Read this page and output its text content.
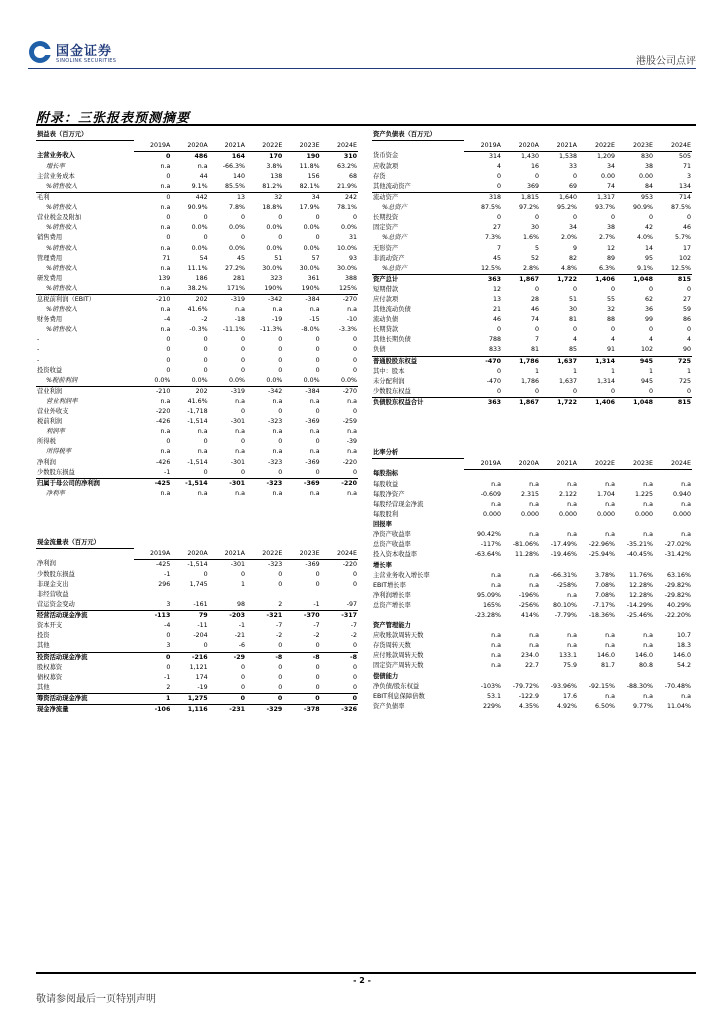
国金证券
SINOLINK SECURITIES	港股公司点评
附录：三张报表预测摘要
损益表（百万元）						
	2019A	2020A	2021A	2022E	2023E	2024E
主营业务收入	0	486	164	170	190	310
增长率	n.a	n.a	-66.3%	3.8%	11.8%	63.2%
主营业务成本	0	44	140	138	156	68
%销售收入	n.a	9.1%	85.5%	81.2%	82.1%	21.9%
毛利	0	442	13	32	34	242
%销售收入	n.a	90.9%	7.8%	18.8%	17.9%	78.1%
营业税金及附加	0	0	0	0	0	0
%销售收入	n.a	0.0%	0.0%	0.0%	0.0%	0.0%
销售费用	0	0	0	0	0	31
%销售收入	n.a	0.0%	0.0%	0.0%	0.0%	10.0%
管理费用	71	54	45	51	57	93
%销售收入	n.a	11.1%	27.2%	30.0%	30.0%	30.0%
研发费用	139	186	281	323	361	388
%销售收入	n.a	38.2%	171%	190%	190%	125%
息税前利润（EBIT）	-210	202	-319	-342	-384	-270
%销售收入	n.a	41.6%	n.a	n.a	n.a	n.a
财务费用	-4	-2	-18	-19	-15	-10
%销售收入	n.a	-0.3%	-11.1%	-11.3%	-8.0%	-3.3%
-	0	0	0	0	0	0
-	0	0	0	0	0	0
-	0	0	0	0	0	0
投资收益	0	0	0	0	0	0
%税前利润	0.0%	0.0%	0.0%	0.0%	0.0%	0.0%
营业利润	-210	202	-319	-342	-384	-270
营业利润率	n.a	41.6%	n.a	n.a	n.a	n.a
营业外收支	-220	-1,718	0	0	0	0
税前利润	-426	-1,514	-301	-323	-369	-259
利润率	n.a	n.a	n.a	n.a	n.a	n.a
所得税	0	0	0	0	0	-39
所得税率	n.a	n.a	n.a	n.a	n.a	n.a
净利润	-426	-1,514	-301	-323	-369	-220
少数股东损益	-1	0	0	0	0	0
归属于母公司的净利润	-425	-1,514	-301	-323	-369	-220
净利率	n.a	n.a	n.a	n.a	n.a	n.a
现金流量表（百万元）						
	2019A	2020A	2021A	2022E	2023E	2024E
净利润	-425	-1,514	-301	-323	-369	-220
少数股东损益	-1	0	0	0	0	0
非现金支出	296	1,745	1	0	0	0
非经营收益						
营运资金变动	3	-161	98	2	-1	-97
经营活动现金净流	-113	79	-203	-321	-370	-317
资本开支	-4	-11	-1	-7	-7	-7
投资	0	-204	-21	-2	-2	-2
其他	3	0	-6	0	0	0
投资活动现金净流	0	-216	-29	-8	-8	-8
股权募资	0	1,121	0	0	0	0
债权募资	-1	174	0	0	0	0
其他	2	-19	0	0	0	0
筹资活动现金净流	1	1,275	0	0	0	0
现金净流量	-106	1,116	-231	-329	-378	-326
资产负债表（百万元）						
	2019A	2020A	2021A	2022E	2023E	2024E
货币资金	314	1,430	1,538	1,209	830	505
应收款项	4	16	33	34	38	71
存货	0	0	0	0.00	0.00	3
其他流动资产	0	369	69	74	84	134
流动资产	318	1,815	1,640	1,317	953	714
%总资产	87.5%	97.2%	95.2%	93.7%	90.9%	87.5%
长期投资	0	0	0	0	0	0
固定资产	27	30	34	38	42	46
%总资产	7.3%	1.6%	2.0%	2.7%	4.0%	5.7%
无形资产	7	5	9	12	14	17
非流动资产	45	52	82	89	95	102
%总资产	12.5%	2.8%	4.8%	6.3%	9.1%	12.5%
资产总计	363	1,867	1,722	1,406	1,048	815
短期借款	12	0	0	0	0	0
应付款项	13	28	51	55	62	27
其他流动负债	21	46	30	32	36	59
流动负债	46	74	81	88	99	86
长期贷款	0	0	0	0	0	0
其他长期负债	788	7	4	4	4	4
负债	833	81	85	91	102	90
普通股股东权益	-470	1,786	1,637	1,314	945	725
其中：股本	0	1	1	1	1	1
未分配利润	-470	1,786	1,637	1,314	945	725
少数股东权益	0	0	0	0	0	0
负债股东权益合计	363	1,867	1,722	1,406	1,048	815
比率分析						
	2019A	2020A	2021A	2022E	2023E	2024E
每股指标						
每股收益	n.a	n.a	n.a	n.a	n.a	n.a
每股净资产	-0.609	2.315	2.122	1.704	1.225	0.940
每股经营现金净流	n.a	n.a	n.a	n.a	n.a	n.a
每股股利	0.000	0.000	0.000	0.000	0.000	0.000
回报率						
净资产收益率	90.42%	n.a	n.a	n.a	n.a	n.a
总资产收益率	-117%	-81.06%	-17.49%	-22.96%	-35.21%	-27.02%
投入资本收益率	-63.64%	11.28%	-19.46%	-25.94%	-40.45%	-31.42%
增长率						
主营业务收入增长率	n.a	n.a	-66.31%	3.78%	11.76%	63.16%
EBIT增长率	n.a	n.a	-258%	7.08%	12.28%	-29.82%
净利润增长率	95.09%	-196%	n.a	7.08%	12.28%	-29.82%
总资产增长率	165%	-256%	80.10%	-7.17%	-14.29%	40.29%
	-23.28%	414%	-7.79%	-18.36%	-25.46%	-22.20%
资产管理能力						
应收账款周转天数	n.a	n.a	n.a	n.a	n.a	10.7
存货周转天数	n.a	n.a	n.a	n.a	n.a	18.3
应付账款周转天数	n.a	234.0	133.1	146.0	146.0	146.0
固定资产周转天数	n.a	22.7	75.9	81.7	80.8	54.2
偿债能力						
净负债/股东权益	-103%	-79.72%	-93.96%	-92.15%	-88.30%	-70.48%
EBIT利息保障倍数	53.1	-122.9	17.6	n.a	n.a	n.a
资产负债率	229%	4.35%	4.92%	6.50%	9.77%	11.04%
- 2 -
敬请参阅最后一页特别声明
